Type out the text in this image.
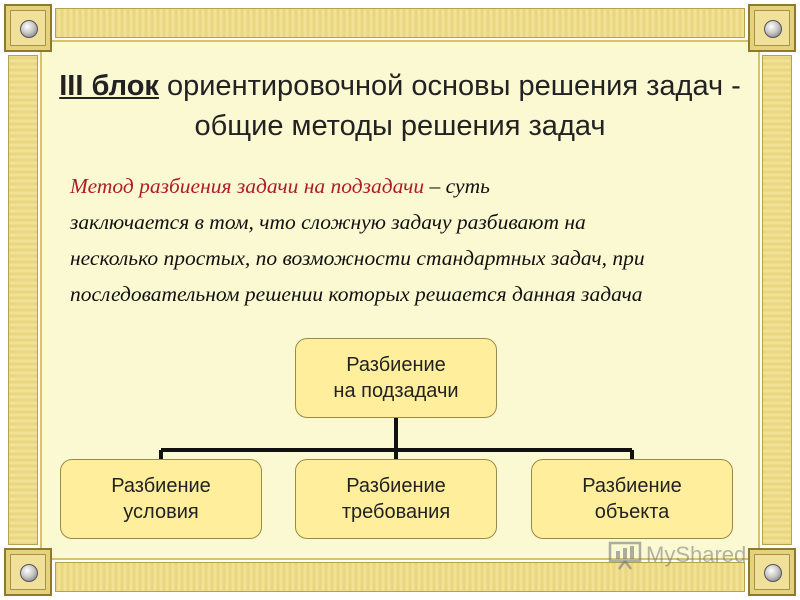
III блок ориентировочной основы решения задач -
общие методы решения задач
Метод разбиения задачи на подзадачи – суть
заключается в том, что сложную задачу разбивают на
несколько простых, по возможности стандартных задач, при
последовательном решении которых решается данная задача
Разбиение
на подзадачи
Разбиение
условия
Разбиение
требования
Разбиение
объекта
MyShared
